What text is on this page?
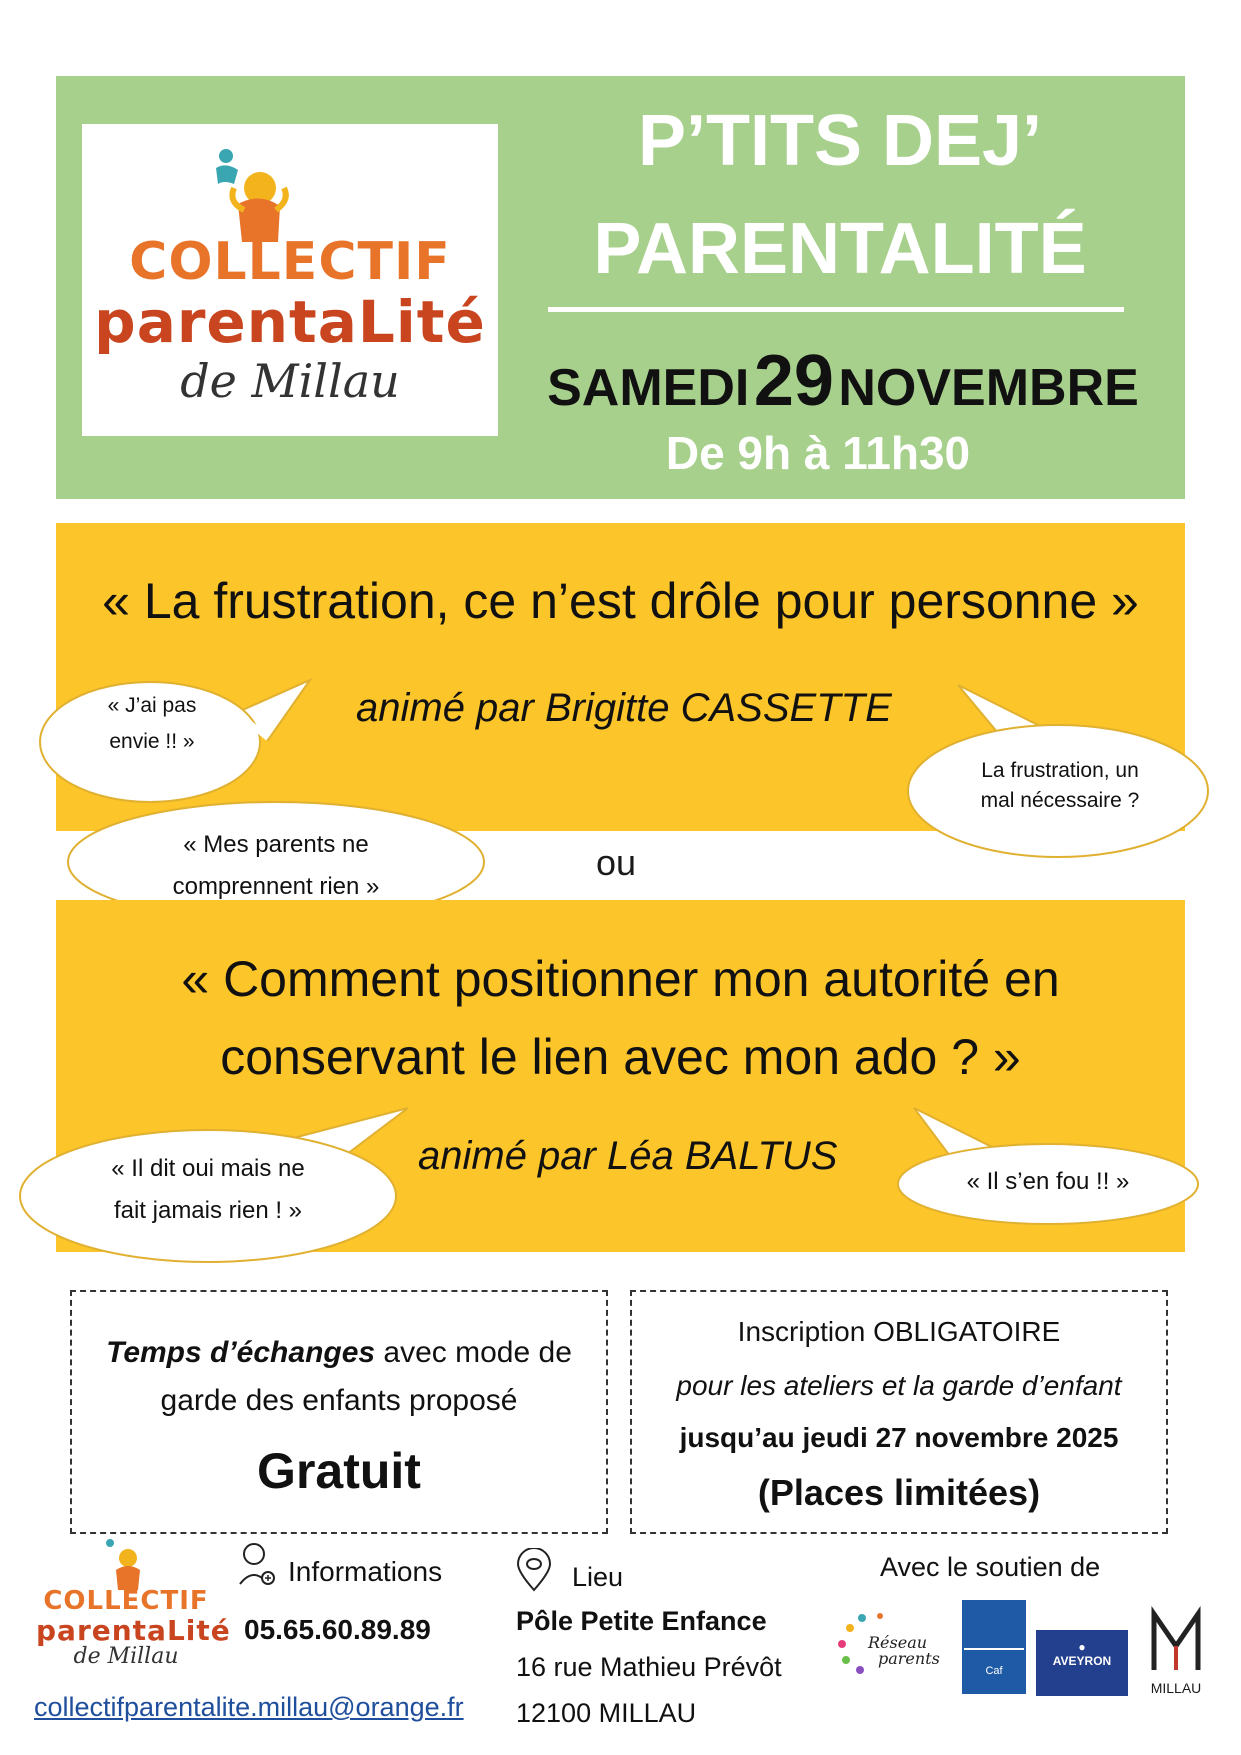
COLLECTIF
parentaLité
de Millau
P’TITS DEJ’
PARENTALITÉ
SAMEDI 29 NOVEMBRE
De 9h à 11h30
« La frustration, ce n’est drôle pour personne »
animé par Brigitte CASSETTE
« J’ai pas
envie !! »
La frustration, un
mal nécessaire ?
ou
« Mes parents ne
comprennent rien »
« Comment positionner mon autorité en
conservant le lien avec mon ado ? »
animé par Léa BALTUS
« Il dit oui mais ne
fait jamais rien ! »
« Il s’en fou !! »
Temps d’échanges avec mode de
garde des enfants proposé
Gratuit
Inscription OBLIGATOIRE
pour les ateliers et la garde d’enfant
jusqu’au jeudi 27 novembre 2025
(Places limitées)
COLLECTIF
parentaLité
de Millau
Informations
05.65.60.89.89
collectifparentalite.millau@orange.fr
Lieu
Pôle Petite Enfance
16 rue Mathieu Prévôt
12100 MILLAU
Avec le soutien de
Réseau
parents
Caf
●
AVEYRON
MILLAU
